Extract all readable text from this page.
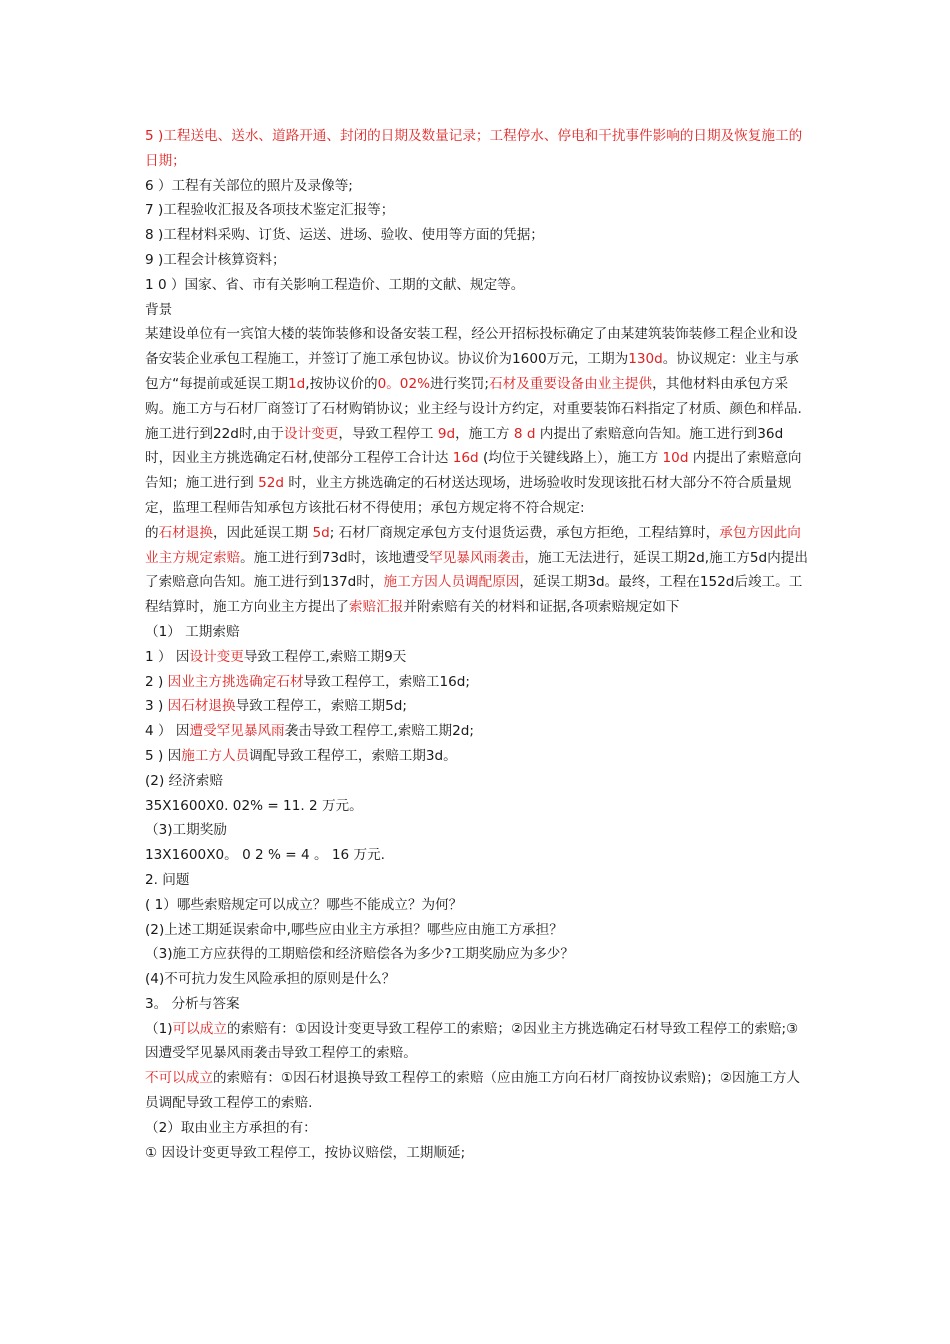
5 )工程送电、送水、道路开通、封闭的日期及数量记录；工程停水、停电和干扰事件影响的日期及恢复施工的日期；
6 ）工程有关部位的照片及录像等;
7 )工程验收汇报及各项技术鉴定汇报等；
8 )工程材料采购、订货、运送、进场、验收、使用等方面的凭据；
9 )工程会计核算资料；
1 0 ）国家、省、市有关影响工程造价、工期的文献、规定等。
背景
某建设单位有一宾馆大楼的装饰装修和设备安装工程，经公开招标投标确定了由某建筑装饰装修工程企业和设备安装企业承包工程施工，并签订了施工承包协议。协议价为1600万元，工期为130d。协议规定：业主与承包方“每提前或延误工期1d,按协议价的0。02%进行奖罚;石材及重要设备由业主提供，其他材料由承包方采购。施工方与石材厂商签订了石材购销协议；业主经与设计方约定，对重要装饰石料指定了材质、颜色和样品.
施工进行到22d时,由于设计变更，导致工程停工 9d，施工方 8 d 内提出了索赔意向告知。施工进行到36d时，因业主方挑选确定石材,使部分工程停工合计达 16d (均位于关键线路上），施工方 10d 内提出了索赔意向告知；施工进行到 52d 时，业主方挑选确定的石材送达现场，进场验收时发现该批石材大部分不符合质量规定，监理工程师告知承包方该批石材不得使用；承包方规定将不符合规定:
的石材退换，因此延误工期 5d; 石材厂商规定承包方支付退货运费，承包方拒绝，工程结算时，承包方因此向业主方规定索赔。施工进行到73d时，该地遭受罕见暴风雨袭击，施工无法进行，延误工期2d,施工方5d内提出了索赔意向告知。施工进行到137d时，施工方因人员调配原因，延误工期3d。最终，工程在152d后竣工。工程结算时，施工方向业主方提出了索赔汇报并附索赔有关的材料和证据,各项索赔规定如下
（1） 工期索赔
1 ） 因设计变更导致工程停工,索赔工期9天
2 ) 因业主方挑选确定石材导致工程停工，索赔工16d;
3 ) 因石材退换导致工程停工，索赔工期5d;
4 ） 因遭受罕见暴风雨袭击导致工程停工,索赔工期2d;
5 ) 因施工方人员调配导致工程停工，索赔工期3d。
(2) 经济索赔
35X1600X0. 02% = 11. 2 万元。
（3)工期奖励
13X1600X0。 0 2 % = 4 。 16 万元.
2. 问题
( 1）哪些索赔规定可以成立？哪些不能成立？为何？
(2)上述工期延误索命中,哪些应由业主方承担？哪些应由施工方承担？
（3)施工方应获得的工期赔偿和经济赔偿各为多少?工期奖励应为多少？
(4)不可抗力发生风险承担的原则是什么？
3。 分析与答案
（1)可以成立的索赔有：①因设计变更导致工程停工的索赔；②因业主方挑选确定石材导致工程停工的索赔;③ 因遭受罕见暴风雨袭击导致工程停工的索赔。
不可以成立的索赔有：①因石材退换导致工程停工的索赔（应由施工方向石材厂商按协议索赔)；②因施工方人员调配导致工程停工的索赔.
（2）取由业主方承担的有：
① 因设计变更导致工程停工，按协议赔偿，工期顺延;
